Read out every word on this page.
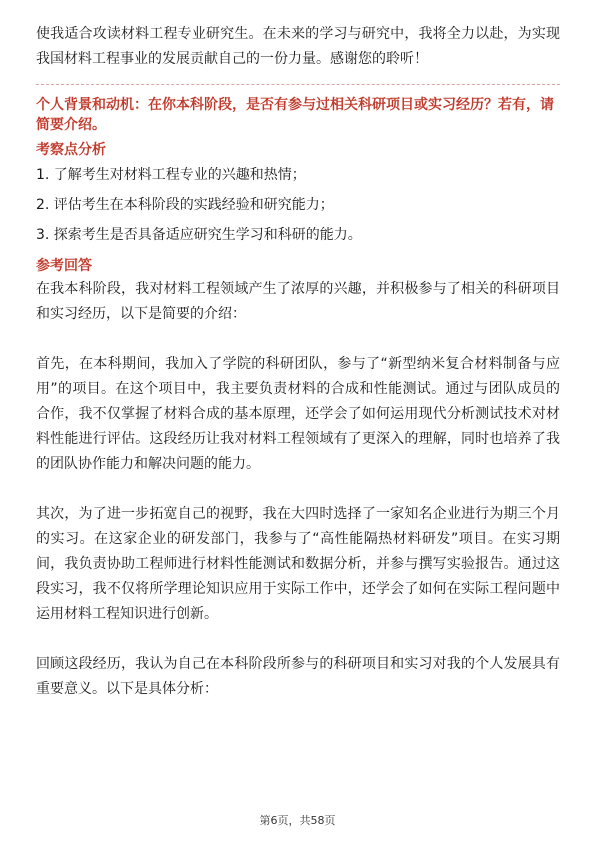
使我适合攻读材料工程专业研究生。在未来的学习与研究中，我将全力以赴，为实现我国材料工程事业的发展贡献自己的一份力量。感谢您的聆听！

个人背景和动机：在你本科阶段，是否有参与过相关科研项目或实习经历？若有，请简要介绍。

考察点分析

1. 了解考生对材料工程专业的兴趣和热情；

2. 评估考生在本科阶段的实践经验和研究能力；

3. 探索考生是否具备适应研究生学习和科研的能力。

参考回答

在我本科阶段，我对材料工程领域产生了浓厚的兴趣，并积极参与了相关的科研项目和实习经历，以下是简要的介绍：

首先，在本科期间，我加入了学院的科研团队，参与了“新型纳米复合材料制备与应用”的项目。在这个项目中，我主要负责材料的合成和性能测试。通过与团队成员的合作，我不仅掌握了材料合成的基本原理，还学会了如何运用现代分析测试技术对材料性能进行评估。这段经历让我对材料工程领域有了更深入的理解，同时也培养了我的团队协作能力和解决问题的能力。

其次，为了进一步拓宽自己的视野，我在大四时选择了一家知名企业进行为期三个月的实习。在这家企业的研发部门，我参与了“高性能隔热材料研发”项目。在实习期间，我负责协助工程师进行材料性能测试和数据分析，并参与撰写实验报告。通过这段实习，我不仅将所学理论知识应用于实际工作中，还学会了如何在实际工程问题中运用材料工程知识进行创新。

回顾这段经历，我认为自己在本科阶段所参与的科研项目和实习对我的个人发展具有重要意义。以下是具体分析：

第6页，共58页
